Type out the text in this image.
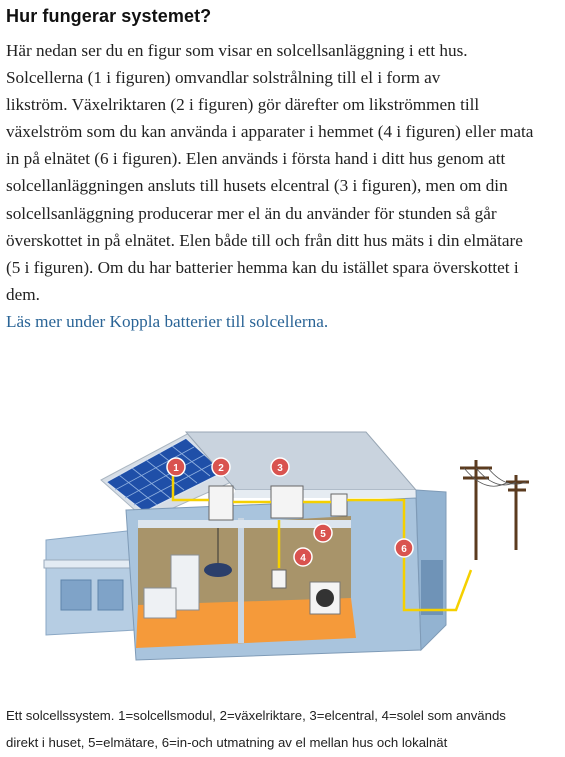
Hur fungerar systemet?

Här nedan ser du en figur som visar en solcellsanläggning i ett hus.
Solcellerna (1 i figuren) omvandlar solstrålning till el i form av
likström. Växelriktaren (2 i figuren) gör därefter om likströmmen till
växelström som du kan använda i apparater i hemmet (4 i figuren) eller mata
in på elnätet (6 i figuren). Elen används i första hand i ditt hus genom att
solcellanläggningen ansluts till husets elcentral (3 i figuren), men om din
solcellsanläggning producerar mer el än du använder för stunden så går
överskottet in på elnätet. Elen både till och från ditt hus mäts i din elmätare
(5 i figuren). Om du har batterier hemma kan du istället spara överskottet i
dem.

Läs mer under Koppla batterier till solcellerna.
1	2	3
4
5
6
Ett solcellssystem. 1=solcellsmodul, 2=växelriktare, 3=elcentral, 4=solel som används
direkt i huset, 5=elmätare, 6=in-och utmatning av el mellan hus och lokalnät
